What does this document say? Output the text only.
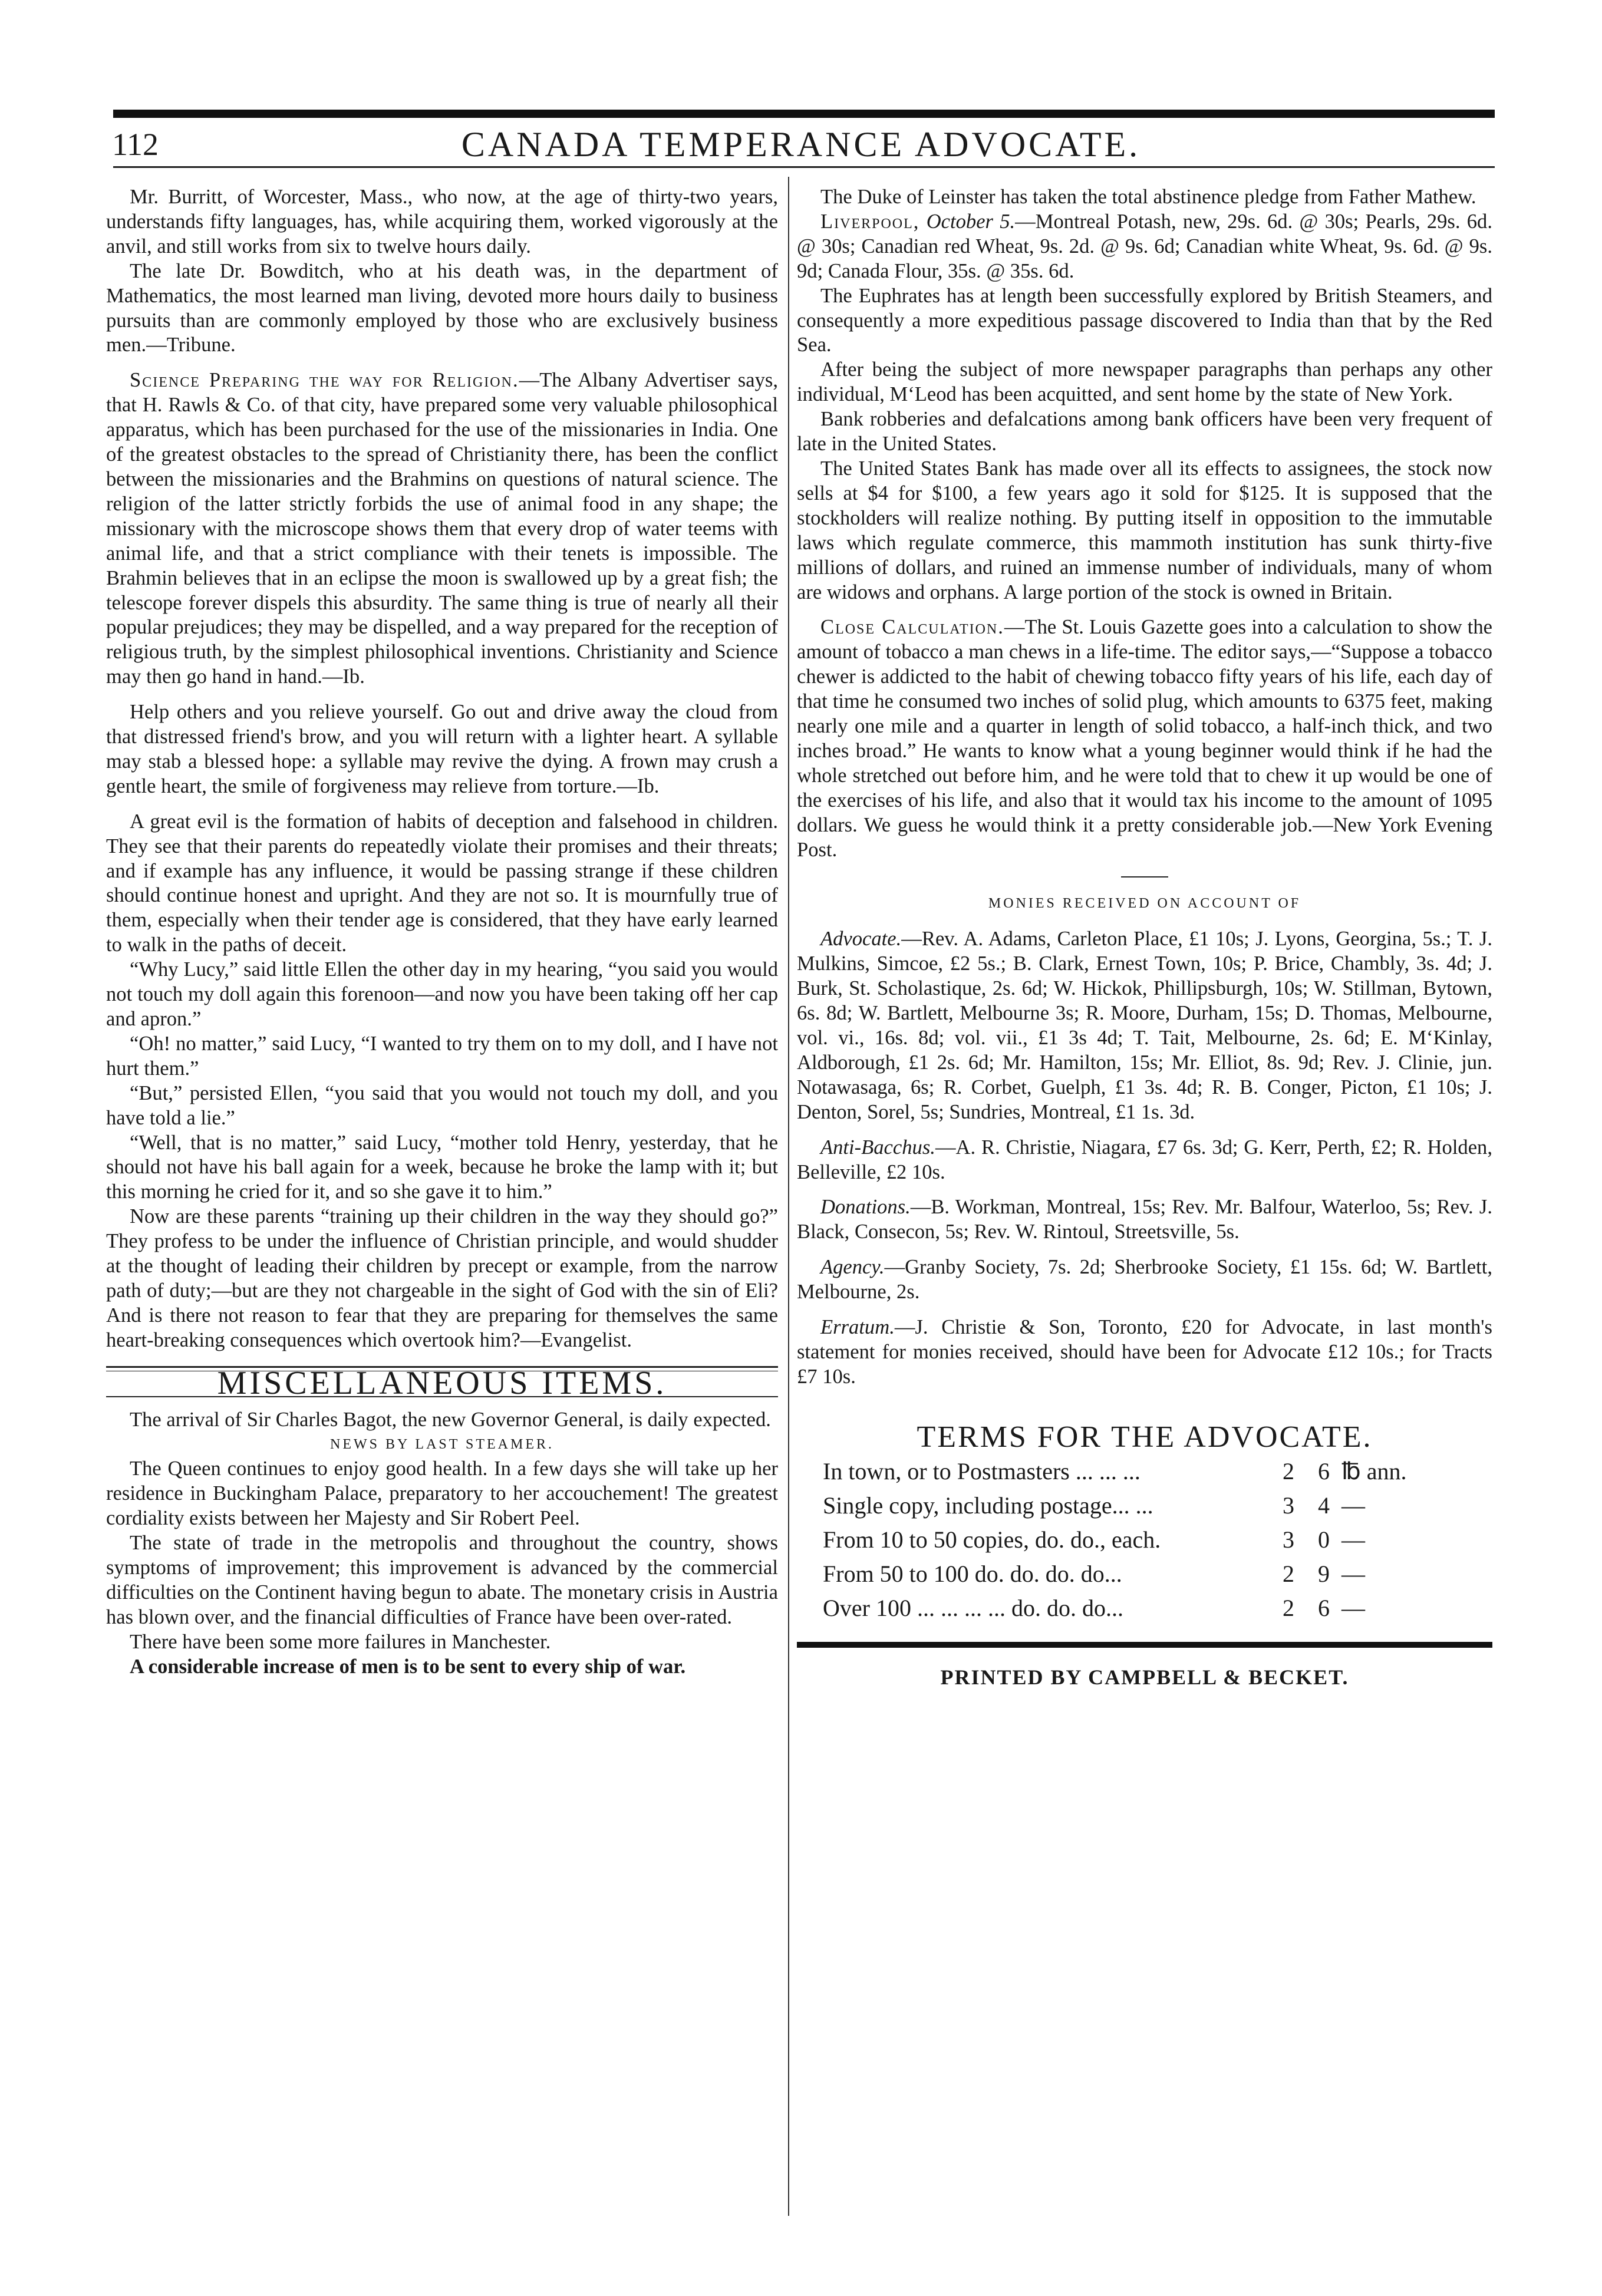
112	CANADA TEMPERANCE ADVOCATE.

Mr. Burritt, of Worcester, Mass., who now, at the age of thirty-two years, understands fifty languages, has, while acquiring them, worked vigorously at the anvil, and still works from six to twelve hours daily.

The late Dr. Bowditch, who at his death was, in the department of Mathematics, the most learned man living, devoted more hours daily to business pursuits than are commonly employed by those who are exclusively business men.—Tribune.

Science Preparing the way for Religion.—The Albany Advertiser says, that H. Rawls & Co. of that city, have prepared some very valuable philosophical apparatus, which has been purchased for the use of the missionaries in India. One of the greatest obstacles to the spread of Christianity there, has been the conflict between the missionaries and the Brahmins on questions of natural science. The religion of the latter strictly forbids the use of animal food in any shape; the missionary with the microscope shows them that every drop of water teems with animal life, and that a strict compliance with their tenets is impossible. The Brahmin believes that in an eclipse the moon is swallowed up by a great fish; the telescope forever dispels this absurdity. The same thing is true of nearly all their popular prejudices; they may be dispelled, and a way prepared for the reception of religious truth, by the simplest philosophical inventions. Christianity and Science may then go hand in hand.—Ib.

Help others and you relieve yourself. Go out and drive away the cloud from that distressed friend's brow, and you will return with a lighter heart. A syllable may stab a blessed hope: a syllable may revive the dying. A frown may crush a gentle heart, the smile of forgiveness may relieve from torture.—Ib.

A great evil is the formation of habits of deception and falsehood in children. They see that their parents do repeatedly violate their promises and their threats; and if example has any influence, it would be passing strange if these children should continue honest and upright. And they are not so. It is mournfully true of them, especially when their tender age is considered, that they have early learned to walk in the paths of deceit.

“Why Lucy,” said little Ellen the other day in my hearing, “you said you would not touch my doll again this forenoon—and now you have been taking off her cap and apron.”

“Oh! no matter,” said Lucy, “I wanted to try them on to my doll, and I have not hurt them.”

“But,” persisted Ellen, “you said that you would not touch my doll, and you have told a lie.”

“Well, that is no matter,” said Lucy, “mother told Henry, yesterday, that he should not have his ball again for a week, because he broke the lamp with it; but this morning he cried for it, and so she gave it to him.”

Now are these parents “training up their children in the way they should go?” They profess to be under the influence of Christian principle, and would shudder at the thought of leading their children by precept or example, from the narrow path of duty;—but are they not chargeable in the sight of God with the sin of Eli? And is there not reason to fear that they are preparing for themselves the same heart-breaking consequences which overtook him?—Evangelist.

MISCELLANEOUS ITEMS.

The arrival of Sir Charles Bagot, the new Governor General, is daily expected.

NEWS BY LAST STEAMER.

The Queen continues to enjoy good health. In a few days she will take up her residence in Buckingham Palace, preparatory to her accouchement! The greatest cordiality exists between her Majesty and Sir Robert Peel.

The state of trade in the metropolis and throughout the country, shows symptoms of improvement; this improvement is advanced by the commercial difficulties on the Continent having begun to abate. The monetary crisis in Austria has blown over, and the financial difficulties of France have been over-rated.

There have been some more failures in Manchester.

A considerable increase of men is to be sent to every ship of war.

The Duke of Leinster has taken the total abstinence pledge from Father Mathew.

Liverpool, October 5.—Montreal Potash, new, 29s. 6d. @ 30s; Pearls, 29s. 6d. @ 30s; Canadian red Wheat, 9s. 2d. @ 9s. 6d; Canadian white Wheat, 9s. 6d. @ 9s. 9d; Canada Flour, 35s. @ 35s. 6d.

The Euphrates has at length been successfully explored by British Steamers, and consequently a more expeditious passage discovered to India than that by the Red Sea.

After being the subject of more newspaper paragraphs than perhaps any other individual, M‘Leod has been acquitted, and sent home by the state of New York.

Bank robberies and defalcations among bank officers have been very frequent of late in the United States.

The United States Bank has made over all its effects to assignees, the stock now sells at $4 for $100, a few years ago it sold for $125. It is supposed that the stockholders will realize nothing. By putting itself in opposition to the immutable laws which regulate commerce, this mammoth institution has sunk thirty-five millions of dollars, and ruined an immense number of individuals, many of whom are widows and orphans. A large portion of the stock is owned in Britain.

Close Calculation.—The St. Louis Gazette goes into a calculation to show the amount of tobacco a man chews in a life-time. The editor says,—“Suppose a tobacco chewer is addicted to the habit of chewing tobacco fifty years of his life, each day of that time he consumed two inches of solid plug, which amounts to 6375 feet, making nearly one mile and a quarter in length of solid tobacco, a half-inch thick, and two inches broad.” He wants to know what a young beginner would think if he had the whole stretched out before him, and he were told that to chew it up would be one of the exercises of his life, and also that it would tax his income to the amount of 1095 dollars. We guess he would think it a pretty considerable job.—New York Evening Post.

MONIES RECEIVED ON ACCOUNT OF

Advocate.—Rev. A. Adams, Carleton Place, £1 10s; J. Lyons, Georgina, 5s.; T. J. Mulkins, Simcoe, £2 5s.; B. Clark, Ernest Town, 10s; P. Brice, Chambly, 3s. 4d; J. Burk, St. Scholastique, 2s. 6d; W. Hickok, Phillipsburgh, 10s; W. Stillman, Bytown, 6s. 8d; W. Bartlett, Melbourne 3s; R. Moore, Durham, 15s; D. Thomas, Melbourne, vol. vi., 16s. 8d; vol. vii., £1 3s 4d; T. Tait, Melbourne, 2s. 6d; E. M‘Kinlay, Aldborough, £1 2s. 6d; Mr. Hamilton, 15s; Mr. Elliot, 8s. 9d; Rev. J. Clinie, jun. Notawasaga, 6s; R. Corbet, Guelph, £1 3s. 4d; R. B. Conger, Picton, £1 10s; J. Denton, Sorel, 5s; Sundries, Montreal, £1 1s. 3d.

Anti-Bacchus.—A. R. Christie, Niagara, £7 6s. 3d; G. Kerr, Perth, £2; R. Holden, Belleville, £2 10s.

Donations.—B. Workman, Montreal, 15s; Rev. Mr. Balfour, Waterloo, 5s; Rev. J. Black, Consecon, 5s; Rev. W. Rintoul, Streetsville, 5s.

Agency.—Granby Society, 7s. 2d; Sherbrooke Society, £1 15s. 6d; W. Bartlett, Melbourne, 2s.

Erratum.—J. Christie & Son, Toronto, £20 for Advocate, in last month's statement for monies received, should have been for Advocate £12 10s.; for Tracts £7 10s.

TERMS FOR THE ADVOCATE.
In town, or to Postmasters ... ... ...	2	6 ℔ ann.
Single copy, including postage... ...	3	4 —
From 10 to 50 copies, do. do., each.	3	0 —
From 50 to 100 do. do. do. do...	2	9 —
Over 100 ... ... ... ... do. do. do...	2	6 —
PRINTED BY CAMPBELL & BECKET.
